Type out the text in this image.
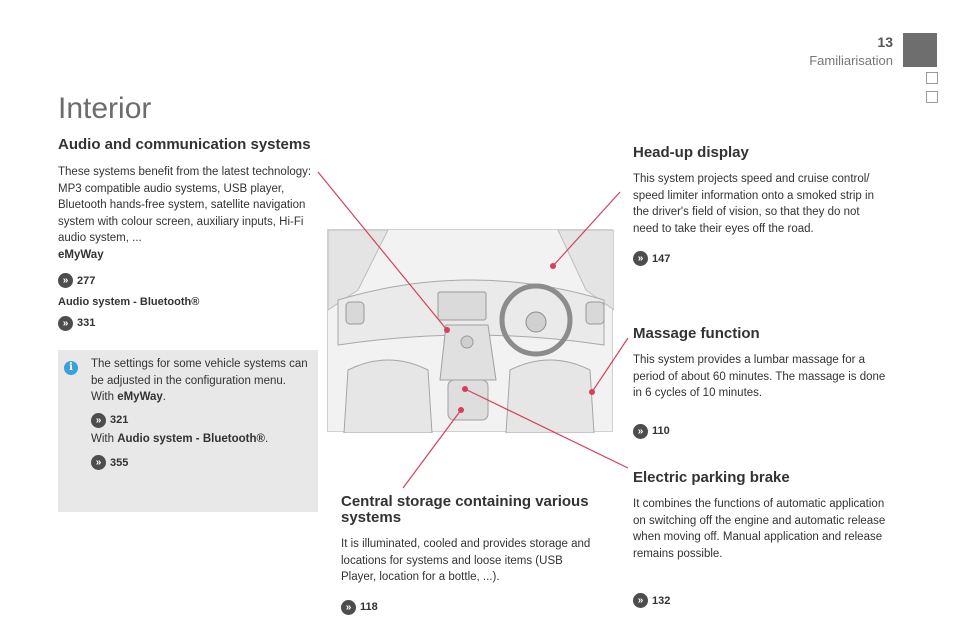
13
Familiarisation
Interior
Audio and communication systems

These systems benefit from the latest technology: MP3 compatible audio systems, USB player, Bluetooth hands-free system, satellite navigation system with colour screen, auxiliary inputs, Hi-Fi audio system, ...

eMyWay

» 277

Audio system - Bluetooth®

» 331
i	The settings for some vehicle systems can be adjusted in the configuration menu.

With eMyWay.

» 321

With Audio system - Bluetooth®.

» 355
Central storage containing various systems

It is illuminated, cooled and provides storage and locations for systems and loose items (USB Player, location for a bottle, ...).

» 118
Head-up display

This system projects speed and cruise control/ speed limiter information onto a smoked strip in the driver's field of vision, so that they do not need to take their eyes off the road.

» 147
Massage function

This system provides a lumbar massage for a period of about 60 minutes. The massage is done in 6 cycles of 10 minutes.

» 110
Electric parking brake

It combines the functions of automatic application on switching off the engine and automatic release when moving off. Manual application and release remains possible.

» 132
